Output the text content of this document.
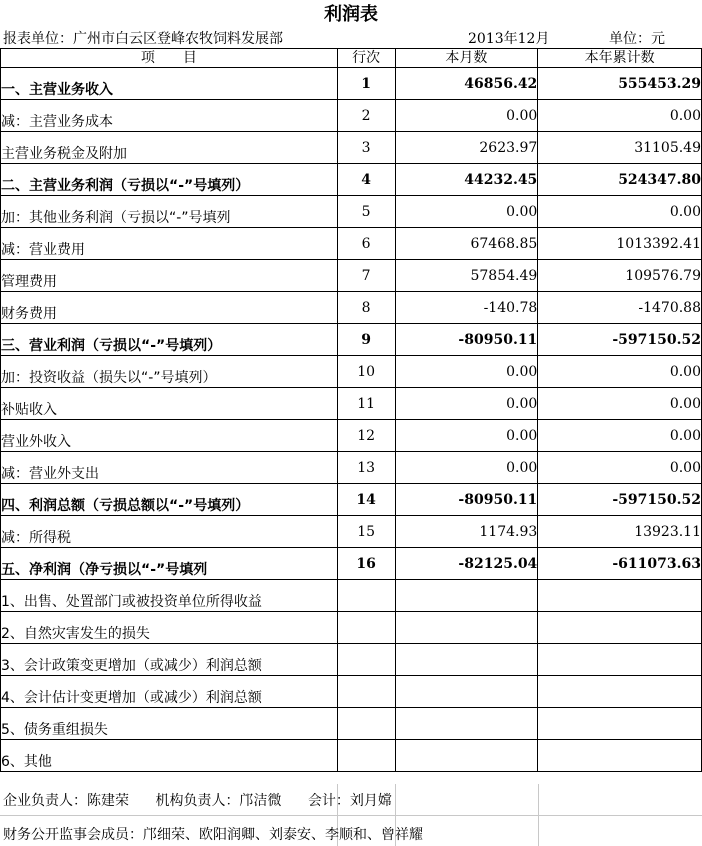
利润表
报表单位：广州市白云区登峰农牧饲料发展部	2013年12月	单位：元
项　　目	行次	本月数	本年累计数
一、主营业务收入	1	46856.42	555453.29
减：主营业务成本	2	0.00	0.00
主营业务税金及附加	3	2623.97	31105.49
二、主营业务利润（亏损以“-”号填列）	4	44232.45	524347.80
加：其他业务利润（亏损以“-”号填列	5	0.00	0.00
减：营业费用	6	67468.85	1013392.41
管理费用	7	57854.49	109576.79
财务费用	8	-140.78	-1470.88
三、营业利润（亏损以“-”号填列）	9	-80950.11	-597150.52
加：投资收益（损失以“-”号填列）	10	0.00	0.00
补贴收入	11	0.00	0.00
营业外收入	12	0.00	0.00
减：营业外支出	13	0.00	0.00
四、利润总额（亏损总额以“-”号填列）	14	-80950.11	-597150.52
减：所得税	15	1174.93	13923.11
五、净利润（净亏损以“-”号填列	16	-82125.04	-611073.63
1、出售、处置部门或被投资单位所得收益			
2、自然灾害发生的损失			
3、会计政策变更增加（或减少）利润总额			
4、会计估计变更增加（或减少）利润总额			
5、债务重组损失			
6、其他			
企业负责人：陈建荣 机构负责人：邝洁微 会计：刘月嫦
财务公开监事会成员：邝细荣、欧阳润卿、刘泰安、李顺和、曾祥耀
